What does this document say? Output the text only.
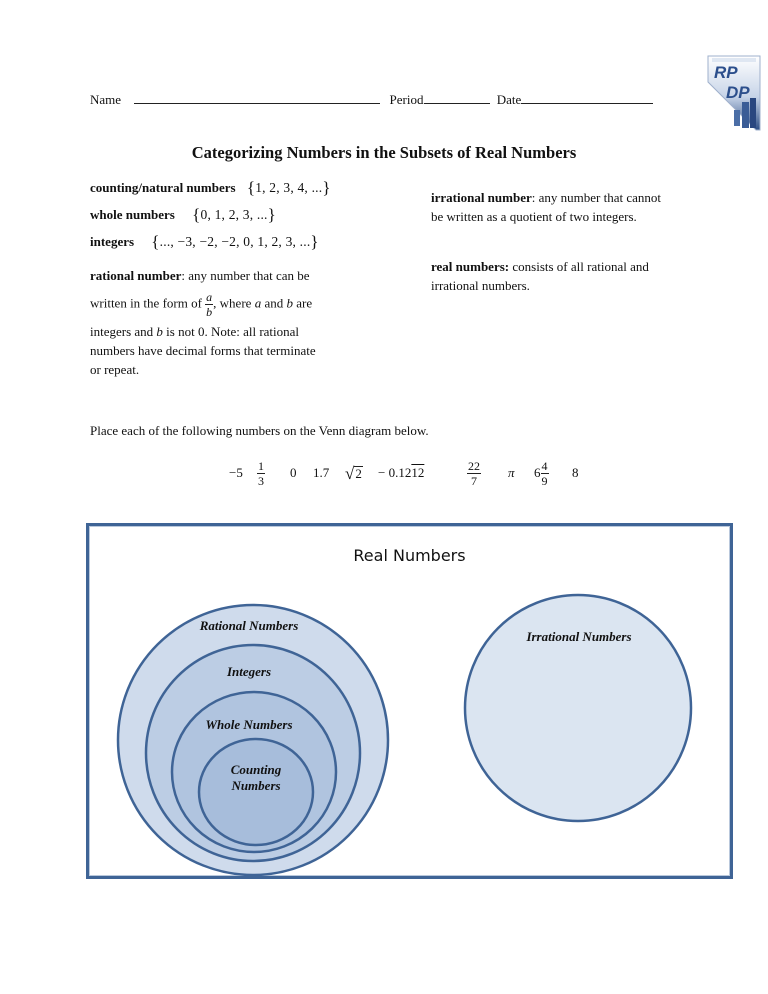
Name	Period	Date
RP
DP
Categorizing Numbers in the Subsets of Real Numbers
counting/natural numbers {1, 2, 3, 4, ...}
whole numbers {0, 1, 2, 3, ...}
integers {..., −3, −2, −2, 0, 1, 2, 3, ...}
rational number: any number that can be
written in the form of $\frac{a}{b}$ , where a and b are
integers and b is not 0. Note: all rational
numbers have decimal forms that terminate
or repeat.
irrational number: any number that cannot
be written as a quotient of two integers.
real numbers: consists of all rational and
irrational numbers.
Place each of the following numbers on the Venn diagram below.
$-5 \frac{1}{3} 0$ 1.7 √ 2 − 0.12 12	$\frac{22}{7}$ π $6 \frac{4}{9} 8$
Real Numbers
Rational Numbers
Integers
Whole Numbers
Counting
Numbers
Irrational Numbers
